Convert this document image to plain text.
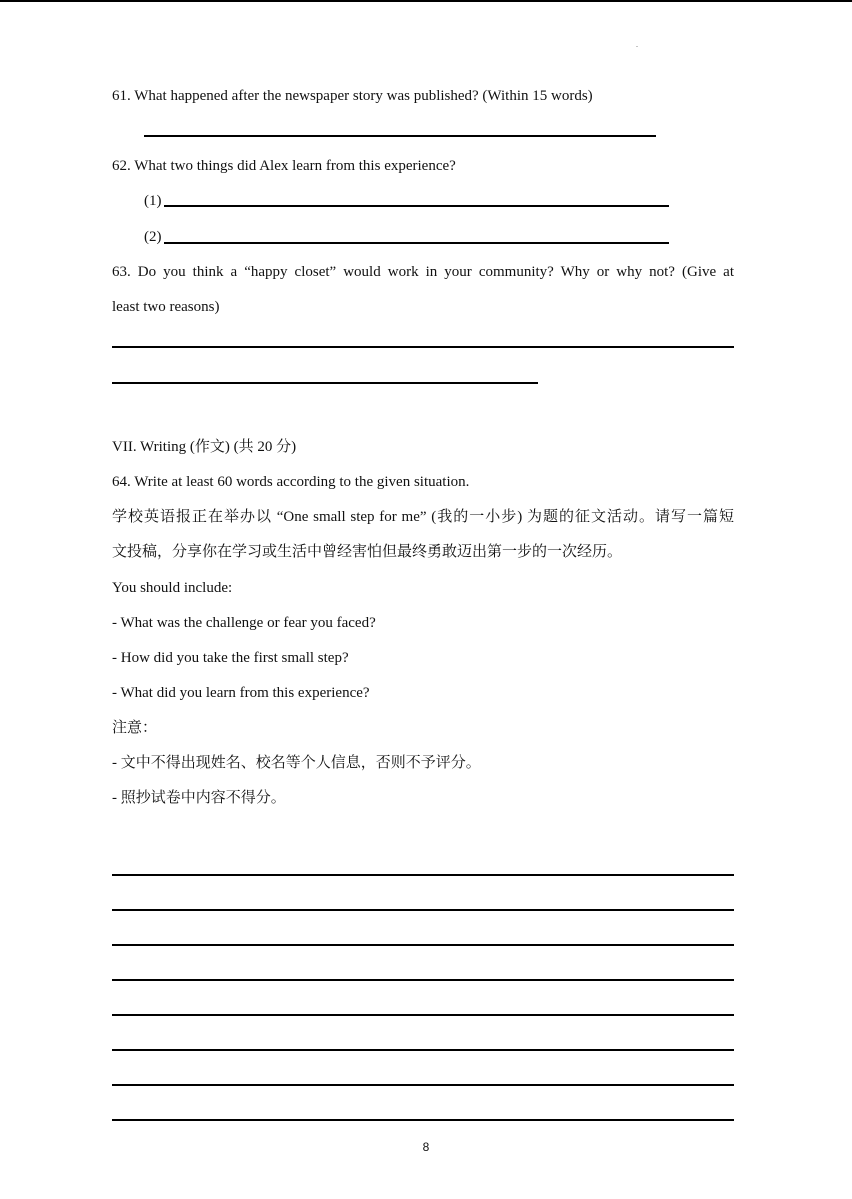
.
61. What happened after the newspaper story was published? (Within 15 words)
62. What two things did Alex learn from this experience?
(1)
(2)
63. Do you think a “happy closet” would work in your community? Why or why not? (Give at
least two reasons)
VII. Writing (作文) (共 20 分)
64. Write at least 60 words according to the given situation.
学校英语报正在举办以 “One small step for me” (我的一小步) 为题的征文活动。请写一篇短
文投稿，分享你在学习或生活中曾经害怕但最终勇敢迈出第一步的一次经历。
You should include:
- What was the challenge or fear you faced?
- How did you take the first small step?
- What did you learn from this experience?
注意：
- 文中不得出现姓名、校名等个人信息，否则不予评分。
- 照抄试卷中内容不得分。
8
